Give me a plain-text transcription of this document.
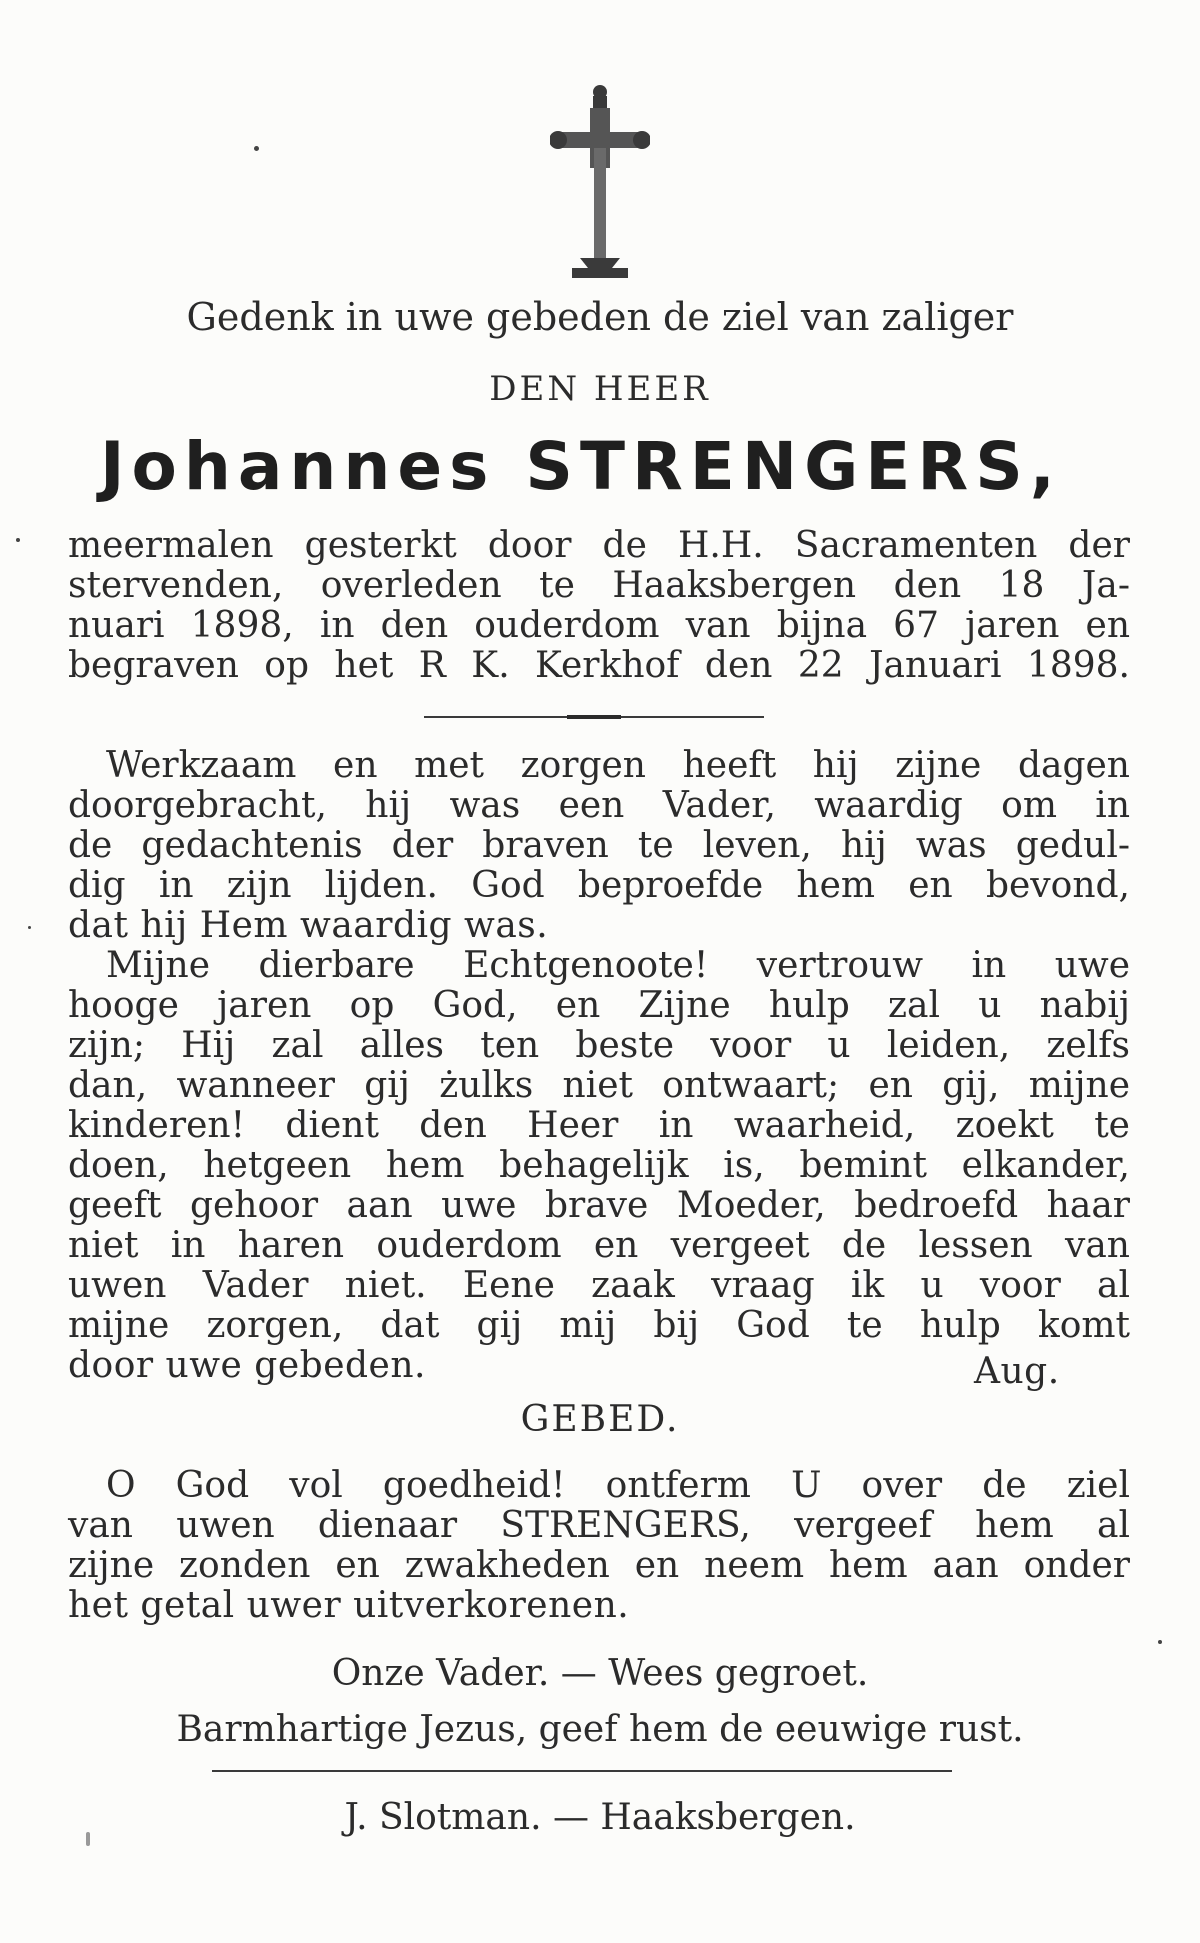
Gedenk in uwe gebeden de ziel van zaliger
DEN HEER
Johannes STRENGERS,
meermalen gesterkt door de H.H. Sacramenten der
stervenden, overleden te Haaksbergen den 18 Ja-
nuari 1898, in den ouderdom van bijna 67 jaren en
begraven op het R K. Kerkhof den 22 Januari 1898.
Werkzaam en met zorgen heeft hij zijne dagen
doorgebracht, hij was een Vader, waardig om in
de gedachtenis der braven te leven, hij was gedul-
dig in zijn lijden. God beproefde hem en bevond,
dat hij Hem waardig was.
Mijne dierbare Echtgenoote! vertrouw in uwe
hooge jaren op God, en Zijne hulp zal u nabij
zijn; Hij zal alles ten beste voor u leiden, zelfs
dan, wanneer gij żulks niet ontwaart; en gij, mijne
kinderen! dient den Heer in waarheid, zoekt te
doen, hetgeen hem behagelijk is, bemint elkander,
geeft gehoor aan uwe brave Moeder, bedroefd haar
niet in haren ouderdom en vergeet de lessen van
uwen Vader niet. Eene zaak vraag ik u voor al
mijne zorgen, dat gij mij bij God te hulp komt
door uwe gebeden.	Aug.
GEBED.
O God vol goedheid! ontferm U over de ziel
van uwen dienaar STRENGERS, vergeef hem al
zijne zonden en zwakheden en neem hem aan onder
het getal uwer uitverkorenen.
Onze Vader. — Wees gegroet.
Barmhartige Jezus, geef hem de eeuwige rust.
J. Slotman. — Haaksbergen.
